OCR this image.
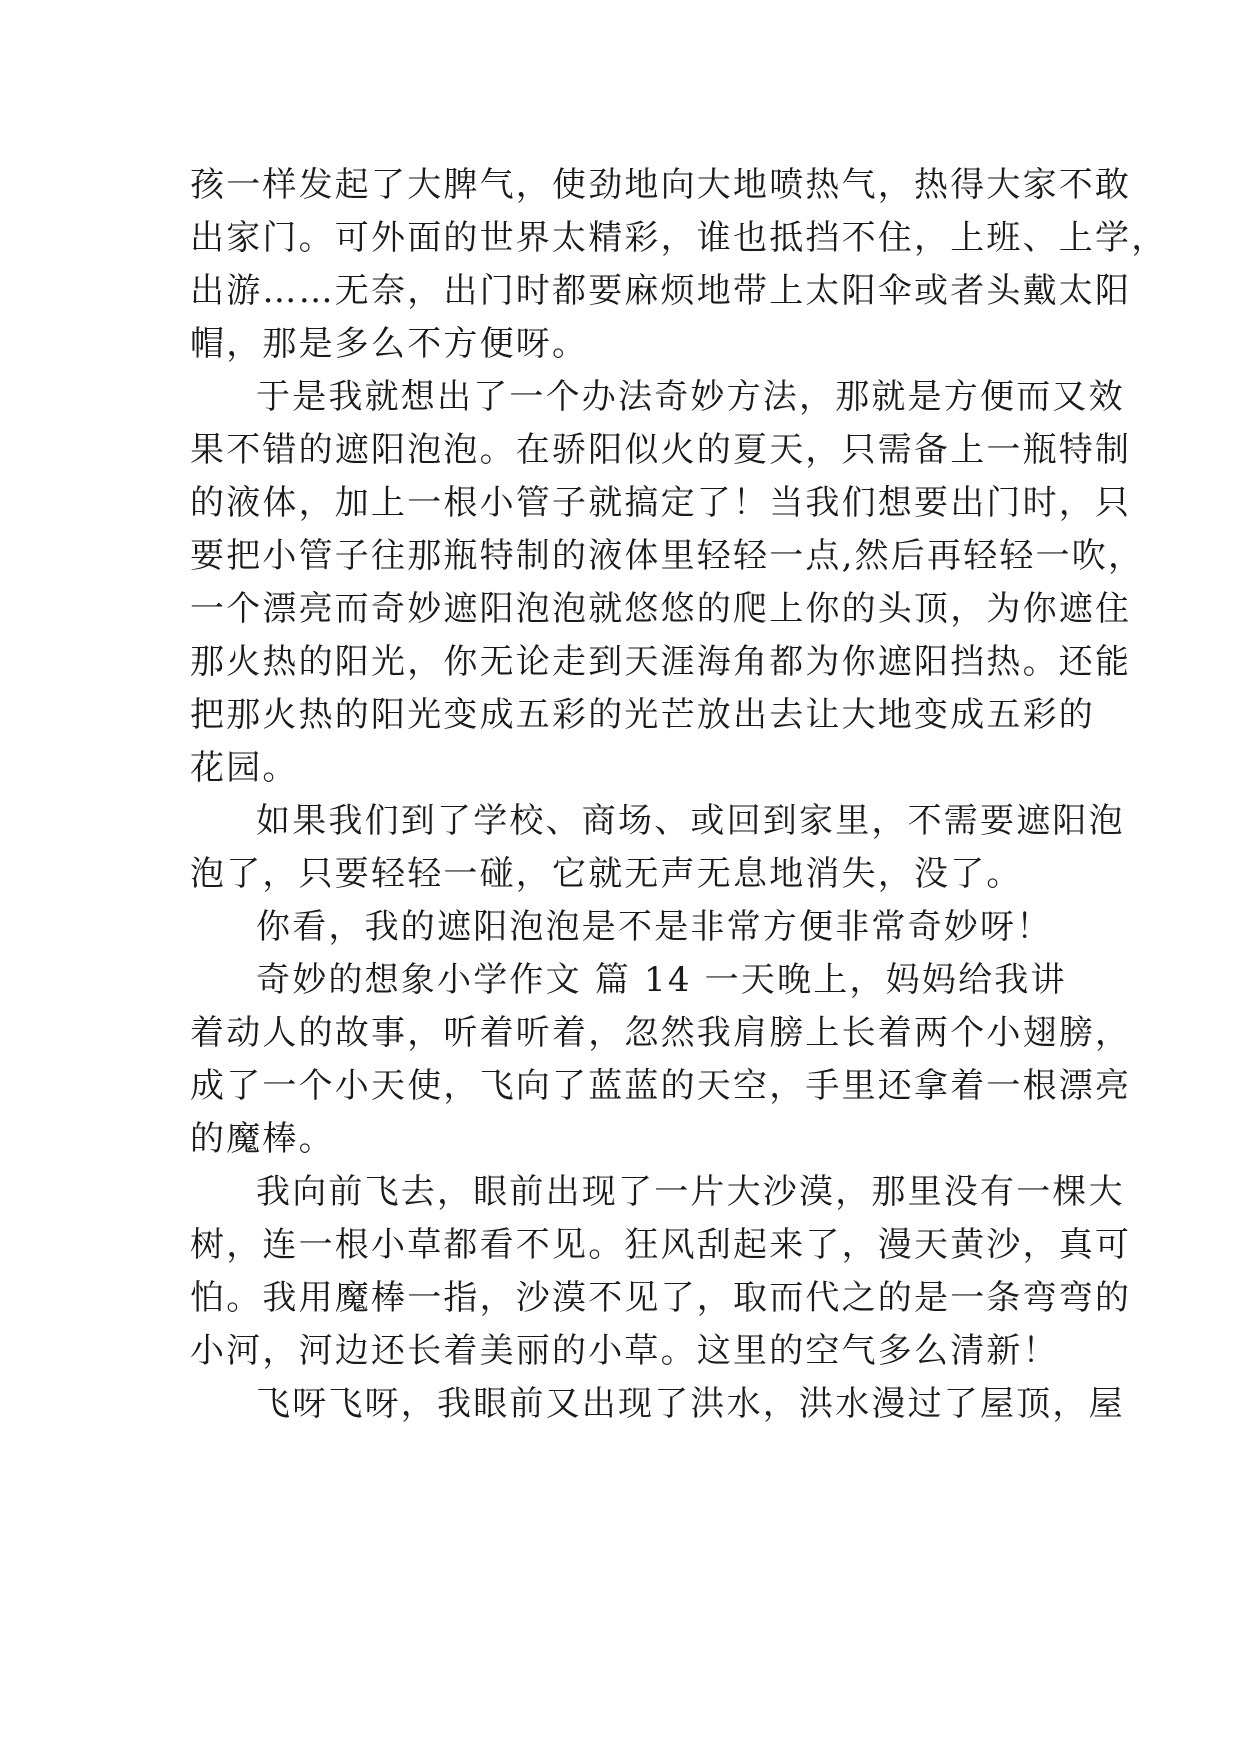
孩一样发起了大脾气，使劲地向大地喷热气，热得大家不敢
出家门。可外面的世界太精彩，谁也抵挡不住，上班、上学，
出游……无奈，出门时都要麻烦地带上太阳伞或者头戴太阳
帽，那是多么不方便呀。
于是我就想出了一个办法奇妙方法，那就是方便而又效
果不错的遮阳泡泡。在骄阳似火的夏天，只需备上一瓶特制
的液体，加上一根小管子就搞定了！当我们想要出门时，只
要把小管子往那瓶特制的液体里轻轻一点,然后再轻轻一吹，
一个漂亮而奇妙遮阳泡泡就悠悠的爬上你的头顶，为你遮住
那火热的阳光，你无论走到天涯海角都为你遮阳挡热。还能
把那火热的阳光变成五彩的光芒放出去让大地变成五彩的
花园。
如果我们到了学校、商场、或回到家里，不需要遮阳泡
泡了，只要轻轻一碰，它就无声无息地消失，没了。
你看，我的遮阳泡泡是不是非常方便非常奇妙呀！
奇妙的想象小学作文 篇 14 一天晚上，妈妈给我讲
着动人的故事，听着听着，忽然我肩膀上长着两个小翅膀，
成了一个小天使，飞向了蓝蓝的天空，手里还拿着一根漂亮
的魔棒。
我向前飞去，眼前出现了一片大沙漠，那里没有一棵大
树，连一根小草都看不见。狂风刮起来了，漫天黄沙，真可
怕。我用魔棒一指，沙漠不见了，取而代之的是一条弯弯的
小河，河边还长着美丽的小草。这里的空气多么清新！
飞呀飞呀，我眼前又出现了洪水，洪水漫过了屋顶，屋
